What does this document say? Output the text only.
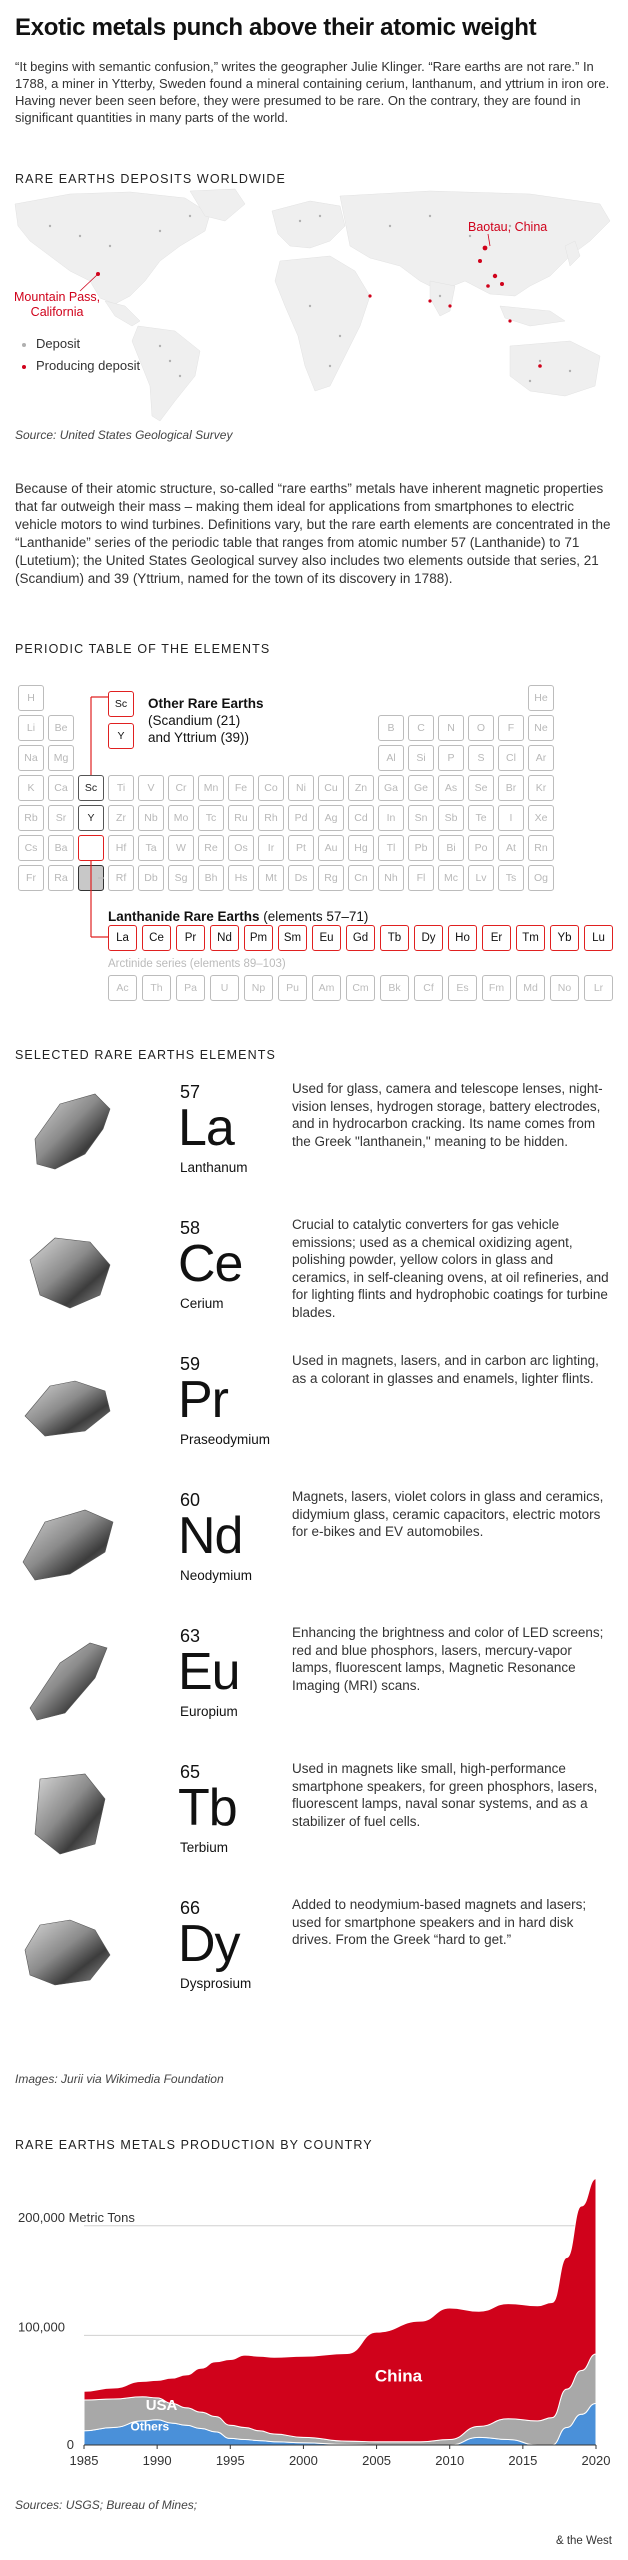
Exotic metals punch above their atomic weight
“It begins with semantic confusion,” writes the geographer Julie Klinger. “Rare earths are not rare.” In 1788, a miner in Ytterby, Sweden found a mineral containing cerium, lanthanum, and yttrium in iron ore. Having never been seen before, they were presumed to be rare. On the contrary, they are found in significant quantities in many parts of the world.
RARE EARTHS DEPOSITS WORLDWIDE
Baotau, China
Mountain Pass,
California
Deposit
Producing deposit
Source: United States Geological Survey
Because of their atomic structure, so-called “rare earths” metals have inherent magnetic properties that far outweigh their mass – making them ideal for applications from smartphones to electric vehicle motors to wind turbines. Definitions vary, but the rare earth elements are concentrated in the “Lanthanide” series of the periodic table that ranges from atomic number 57 (Lanthanide) to 71 (Lutetium); the United States Geological survey also includes two elements outside that series, 21 (Scandium) and 39 (Yttrium, named for the town of its discovery in 1788).
PERIODIC TABLE OF THE ELEMENTS
H	He
Li	Be	B	C	N	O	F	Ne
Na	Mg	Al	Si	P	S	Cl	Ar
K	Ca	Sc	Ti	V	Cr	Mn	Fe	Co	Ni	Cu	Zn	Ga	Ge	As	Se	Br	Kr
Rb	Sr	Y	Zr	Nb	Mo	Tc	Ru	Rh	Pd	Ag	Cd	In	Sn	Sb	Te	I	Xe
Cs	Ba	Hf	Ta	W	Re	Os	Ir	Pt	Au	Hg	Tl	Pb	Bi	Po	At	Rn
Fr	Ra	Rf	Db	Sg	Bh	Hs	Mt	Ds	Rg	Cn	Nh	Fl	Mc	Lv	Ts	Og
Sc
Y
Other Rare Earths
(Scandium (21)
and Yttrium (39))
Lanthanide Rare Earths (elements 57–71)
La	Ce	Pr	Nd	Pm	Sm	Eu	Gd	Tb	Dy	Ho	Er	Tm	Yb	Lu
Arctinide series (elements 89–103)
Ac	Th	Pa	U	Np	Pu	Am	Cm	Bk	Cf	Es	Fm	Md	No	Lr
SELECTED RARE EARTHS ELEMENTS
57
La
Lanthanum
Used for glass, camera and telescope lenses, night-vision lenses, hydrogen storage, battery electrodes, and in hydrocarbon cracking. Its name comes from the Greek "lanthanein," meaning to be hidden.
58
Ce
Cerium
Crucial to catalytic converters for gas vehicle emissions; used as a chemical oxidizing agent, polishing powder, yellow colors in glass and ceramics, in self-cleaning ovens, at oil refineries, and for lighting flints and hydrophobic coatings for turbine blades.
59
Pr
Praseodymium
Used in magnets, lasers, and in carbon arc lighting, as a colorant in glasses and enamels, lighter flints.
60
Nd
Neodymium
Magnets, lasers, violet colors in glass and ceramics, didymium glass, ceramic capacitors, electric motors for e-bikes and EV automobiles.
63
Eu
Europium
Enhancing the brightness and color of LED screens; red and blue phosphors, lasers, mercury-vapor lamps, fluorescent lamps, Magnetic Resonance Imaging (MRI) scans.
65
Tb
Terbium
Used in magnets like small, high-performance smartphone speakers, for green phosphors, lasers, fluorescent lamps, naval sonar systems, and as a stabilizer of fuel cells.
66
Dy
Dysprosium
Added to neodymium-based magnets and lasers; used for smartphone speakers and in hard disk drives. From the Greek “hard to get.”
Images: Jurii via Wikimedia Foundation
RARE EARTHS METALS PRODUCTION BY COUNTRY
0
100,000
200,000 Metric Tons
1985	1990	1995	2000	2005	2010	2015	2020
USA
Others
China
Sources: USGS; Bureau of Mines;
& the West
